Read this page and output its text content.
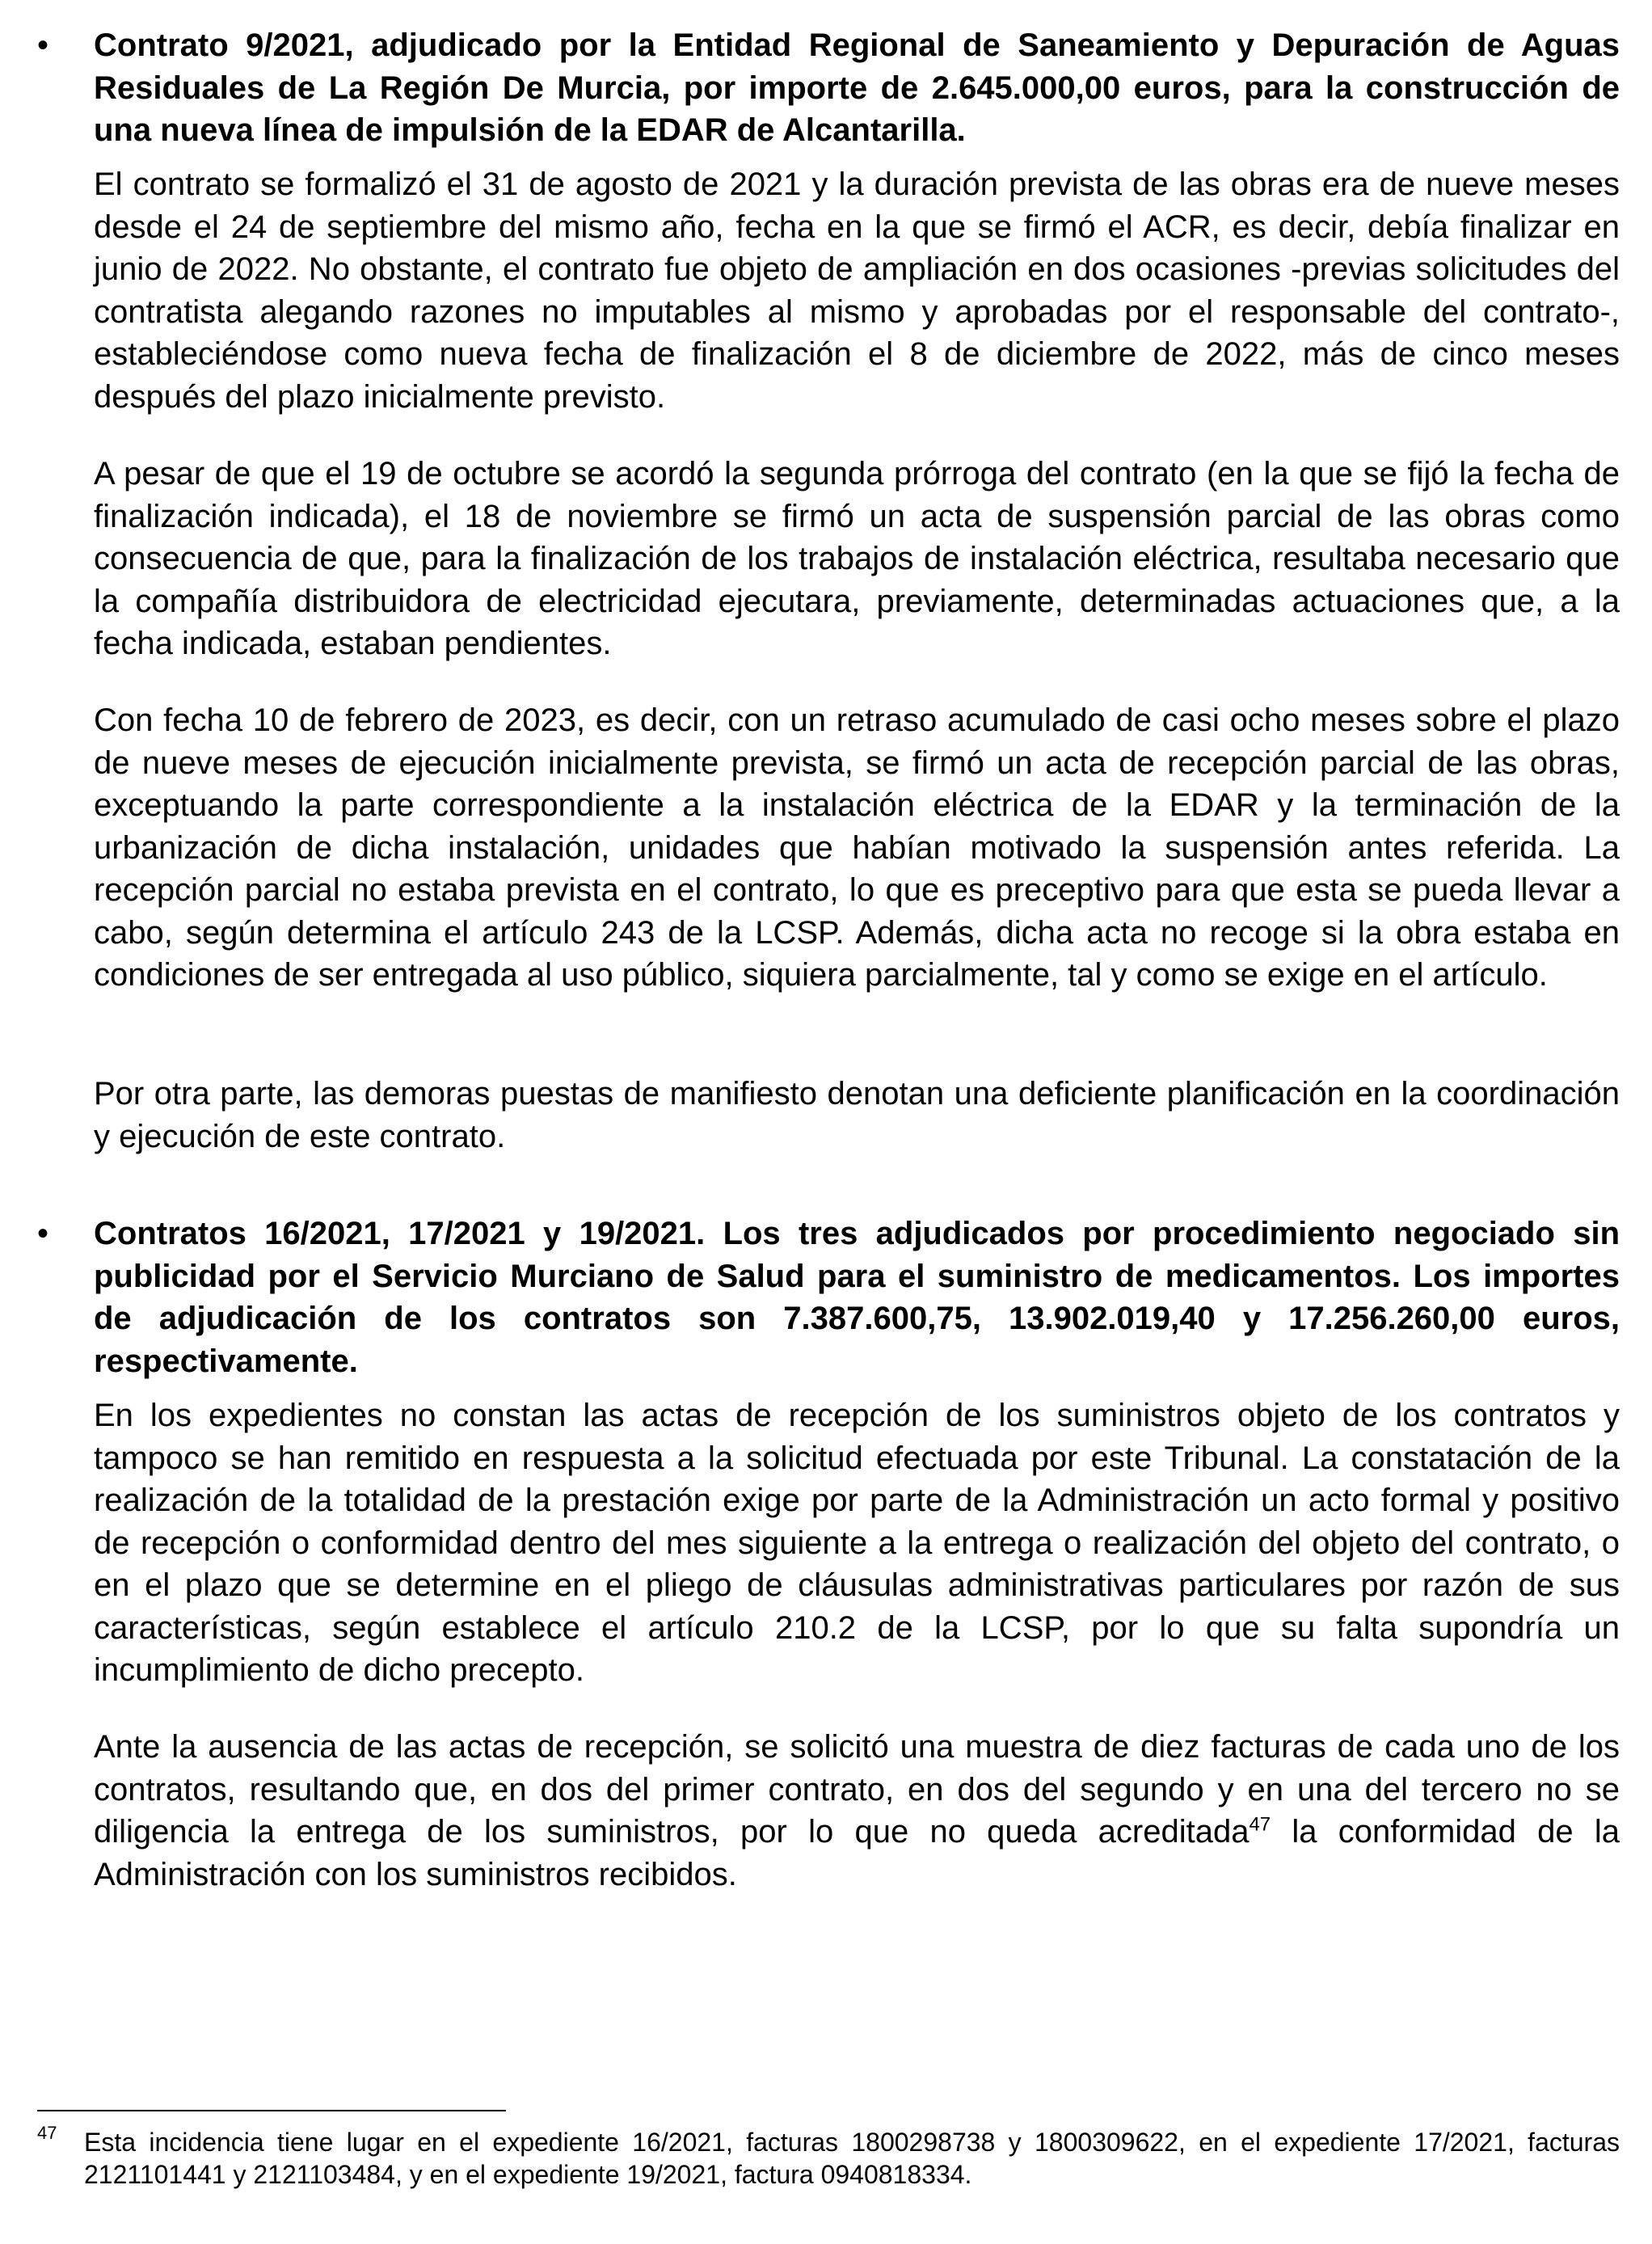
• Contrato 9/2021, adjudicado por la Entidad Regional de Saneamiento y Depuración de Aguas Residuales de La Región De Murcia, por importe de 2.645.000,00 euros, para la construcción de una nueva línea de impulsión de la EDAR de Alcantarilla.

El contrato se formalizó el 31 de agosto de 2021 y la duración prevista de las obras era de nueve meses desde el 24 de septiembre del mismo año, fecha en la que se firmó el ACR, es decir, debía finalizar en junio de 2022. No obstante, el contrato fue objeto de ampliación en dos ocasiones -previas solicitudes del contratista alegando razones no imputables al mismo y aprobadas por el responsable del contrato-, estableciéndose como nueva fecha de finalización el 8 de diciembre de 2022, más de cinco meses después del plazo inicialmente previsto.

A pesar de que el 19 de octubre se acordó la segunda prórroga del contrato (en la que se fijó la fecha de finalización indicada), el 18 de noviembre se firmó un acta de suspensión parcial de las obras como consecuencia de que, para la finalización de los trabajos de instalación eléctrica, resultaba necesario que la compañía distribuidora de electricidad ejecutara, previamente, determinadas actuaciones que, a la fecha indicada, estaban pendientes.

Con fecha 10 de febrero de 2023, es decir, con un retraso acumulado de casi ocho meses sobre el plazo de nueve meses de ejecución inicialmente prevista, se firmó un acta de recepción parcial de las obras, exceptuando la parte correspondiente a la instalación eléctrica de la EDAR y la terminación de la urbanización de dicha instalación, unidades que habían motivado la suspensión antes referida. La recepción parcial no estaba prevista en el contrato, lo que es preceptivo para que esta se pueda llevar a cabo, según determina el artículo 243 de la LCSP. Además, dicha acta no recoge si la obra estaba en condiciones de ser entregada al uso público, siquiera parcialmente, tal y como se exige en el artículo.

Por otra parte, las demoras puestas de manifiesto denotan una deficiente planificación en la coordinación y ejecución de este contrato.

• Contratos 16/2021, 17/2021 y 19/2021. Los tres adjudicados por procedimiento negociado sin publicidad por el Servicio Murciano de Salud para el suministro de medicamentos. Los importes de adjudicación de los contratos son 7.387.600,75, 13.902.019,40 y 17.256.260,00 euros, respectivamente.

En los expedientes no constan las actas de recepción de los suministros objeto de los contratos y tampoco se han remitido en respuesta a la solicitud efectuada por este Tribunal. La constatación de la realización de la totalidad de la prestación exige por parte de la Administración un acto formal y positivo de recepción o conformidad dentro del mes siguiente a la entrega o realización del objeto del contrato, o en el plazo que se determine en el pliego de cláusulas administrativas particulares por razón de sus características, según establece el artículo 210.2 de la LCSP, por lo que su falta supondría un incumplimiento de dicho precepto.

Ante la ausencia de las actas de recepción, se solicitó una muestra de diez facturas de cada uno de los contratos, resultando que, en dos del primer contrato, en dos del segundo y en una del tercero no se diligencia la entrega de los suministros, por lo que no queda acreditada$^{47}$ la conformidad de la Administración con los suministros recibidos.

47	Esta incidencia tiene lugar en el expediente 16/2021, facturas 1800298738 y 1800309622, en el expediente 17/2021, facturas 2121101441 y 2121103484, y en el expediente 19/2021, factura 0940818334.
